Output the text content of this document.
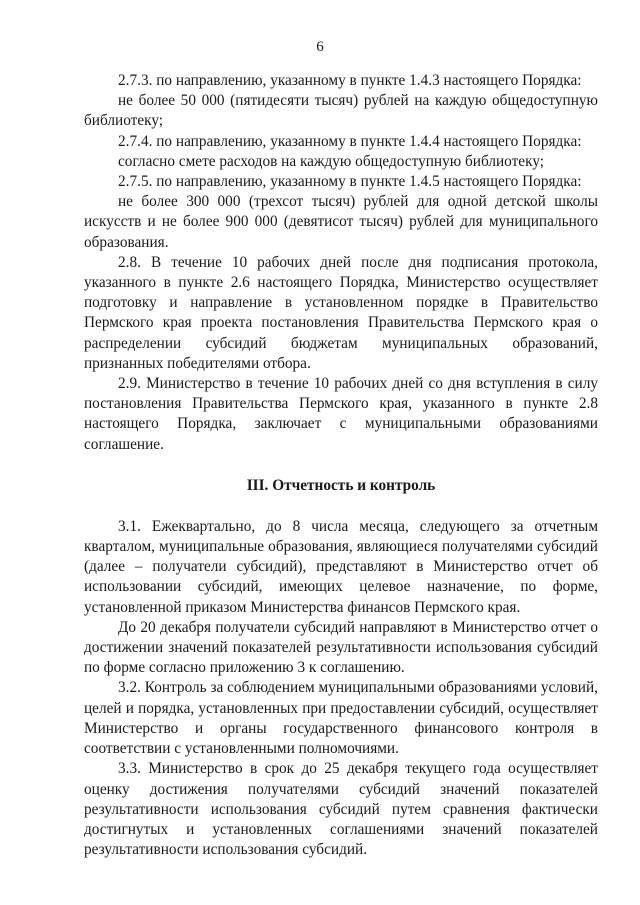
6

2.7.3. по направлению, указанному в пункте 1.4.3 настоящего Порядка:

не более 50 000 (пятидесяти тысяч) рублей на каждую общедоступную библиотеку;

2.7.4. по направлению, указанному в пункте 1.4.4 настоящего Порядка:

согласно смете расходов на каждую общедоступную библиотеку;

2.7.5. по направлению, указанному в пункте 1.4.5 настоящего Порядка:

не более 300 000 (трехсот тысяч) рублей для одной детской школы искусств и не более 900 000 (девятисот тысяч) рублей для муниципального образования.

2.8. В течение 10 рабочих дней после дня подписания протокола, указанного в пункте 2.6 настоящего Порядка, Министерство осуществляет подготовку и направление в установленном порядке в Правительство Пермского края проекта постановления Правительства Пермского края о распределении субсидий бюджетам муниципальных образований, признанных победителями отбора.

2.9. Министерство в течение 10 рабочих дней со дня вступления в силу постановления Правительства Пермского края, указанного в пункте 2.8 настоящего Порядка, заключает с муниципальными образованиями соглашение.

III. Отчетность и контроль

3.1. Ежеквартально, до 8 числа месяца, следующего за отчетным кварталом, муниципальные образования, являющиеся получателями субсидий (далее – получатели субсидий), представляют в Министерство отчет об использовании субсидий, имеющих целевое назначение, по форме, установленной приказом Министерства финансов Пермского края.

До 20 декабря получатели субсидий направляют в Министерство отчет о достижении значений показателей результативности использования субсидий по форме согласно приложению 3 к соглашению.

3.2. Контроль за соблюдением муниципальными образованиями условий, целей и порядка, установленных при предоставлении субсидий, осуществляет Министерство и органы государственного финансового контроля в соответствии с установленными полномочиями.

3.3. Министерство в срок до 25 декабря текущего года осуществляет оценку достижения получателями субсидий значений показателей результативности использования субсидий путем сравнения фактически достигнутых и установленных соглашениями значений показателей результативности использования субсидий.
